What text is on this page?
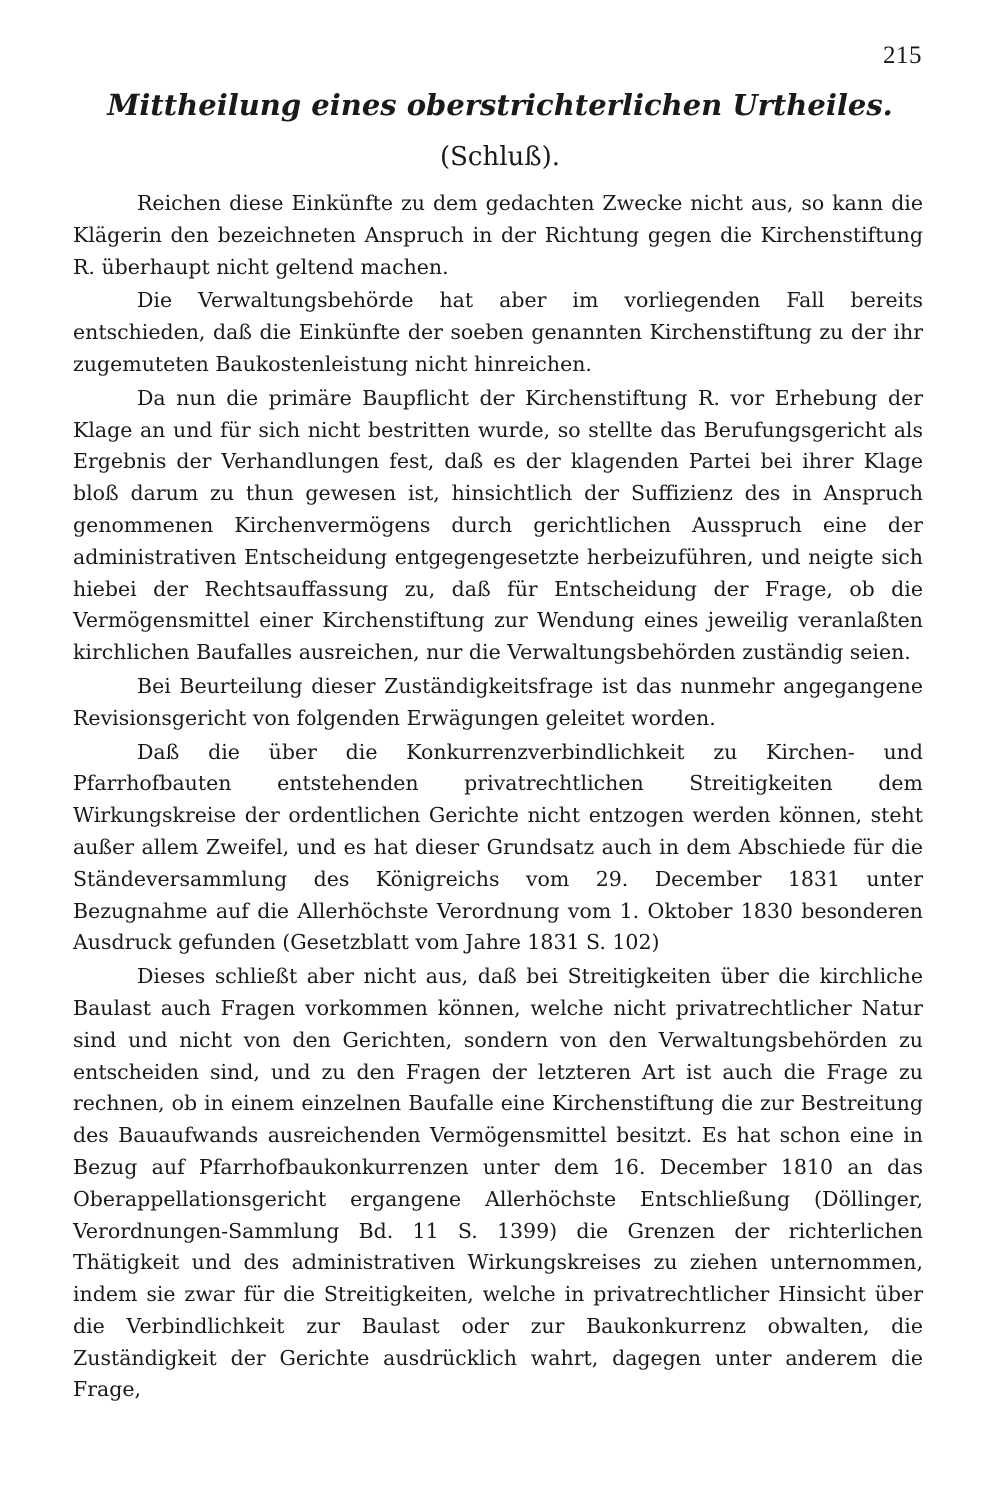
215
Mittheilung eines oberstrichterlichen Urtheiles.
(Schluß).

Reichen diese Einkünfte zu dem gedachten Zwecke nicht aus, so kann die Klägerin den bezeichneten Anspruch in der Richtung gegen die Kirchenstiftung R. überhaupt nicht geltend machen.

Die Verwaltungsbehörde hat aber im vorliegenden Fall bereits entschieden, daß die Einkünfte der soeben genannten Kirchenstiftung zu der ihr zugemuteten Baukostenleistung nicht hinreichen.

Da nun die primäre Baupflicht der Kirchenstiftung R. vor Erhebung der Klage an und für sich nicht bestritten wurde, so stellte das Berufungsgericht als Ergebnis der Verhandlungen fest, daß es der klagenden Partei bei ihrer Klage bloß darum zu thun gewesen ist, hinsichtlich der Suffizienz des in Anspruch genommenen Kirchenvermögens durch gerichtlichen Ausspruch eine der administrativen Entscheidung entgegengesetzte herbeizuführen, und neigte sich hiebei der Rechtsauffassung zu, daß für Entscheidung der Frage, ob die Vermögensmittel einer Kirchenstiftung zur Wendung eines jeweilig veranlaßten kirchlichen Baufalles ausreichen, nur die Verwaltungsbehörden zuständig seien.

Bei Beurteilung dieser Zuständigkeitsfrage ist das nunmehr angegangene Revisionsgericht von folgenden Erwägungen geleitet worden.

Daß die über die Konkurrenzverbindlichkeit zu Kirchen- und Pfarrhofbauten entstehenden privatrechtlichen Streitigkeiten dem Wirkungskreise der ordentlichen Gerichte nicht entzogen werden können, steht außer allem Zweifel, und es hat dieser Grundsatz auch in dem Abschiede für die Ständeversammlung des Königreichs vom 29. December 1831 unter Bezugnahme auf die Allerhöchste Verordnung vom 1. Oktober 1830 besonderen Ausdruck gefunden (Gesetzblatt vom Jahre 1831 S. 102)

Dieses schließt aber nicht aus, daß bei Streitigkeiten über die kirchliche Baulast auch Fragen vorkommen können, welche nicht privatrechtlicher Natur sind und nicht von den Gerichten, sondern von den Verwaltungsbehörden zu entscheiden sind, und zu den Fragen der letzteren Art ist auch die Frage zu rechnen, ob in einem einzelnen Baufalle eine Kirchenstiftung die zur Bestreitung des Bauaufwands ausreichenden Vermögensmittel besitzt. Es hat schon eine in Bezug auf Pfarrhofbaukonkurrenzen unter dem 16. December 1810 an das Oberappellationsgericht ergangene Allerhöchste Entschließung (Döllinger, Verordnungen-Sammlung Bd. 11 S. 1399) die Grenzen der richterlichen Thätigkeit und des administrativen Wirkungskreises zu ziehen unternommen, indem sie zwar für die Streitigkeiten, welche in privatrechtlicher Hinsicht über die Verbindlichkeit zur Baulast oder zur Baukonkurrenz obwalten, die Zuständigkeit der Gerichte ausdrücklich wahrt, dagegen unter anderem die Frage,
